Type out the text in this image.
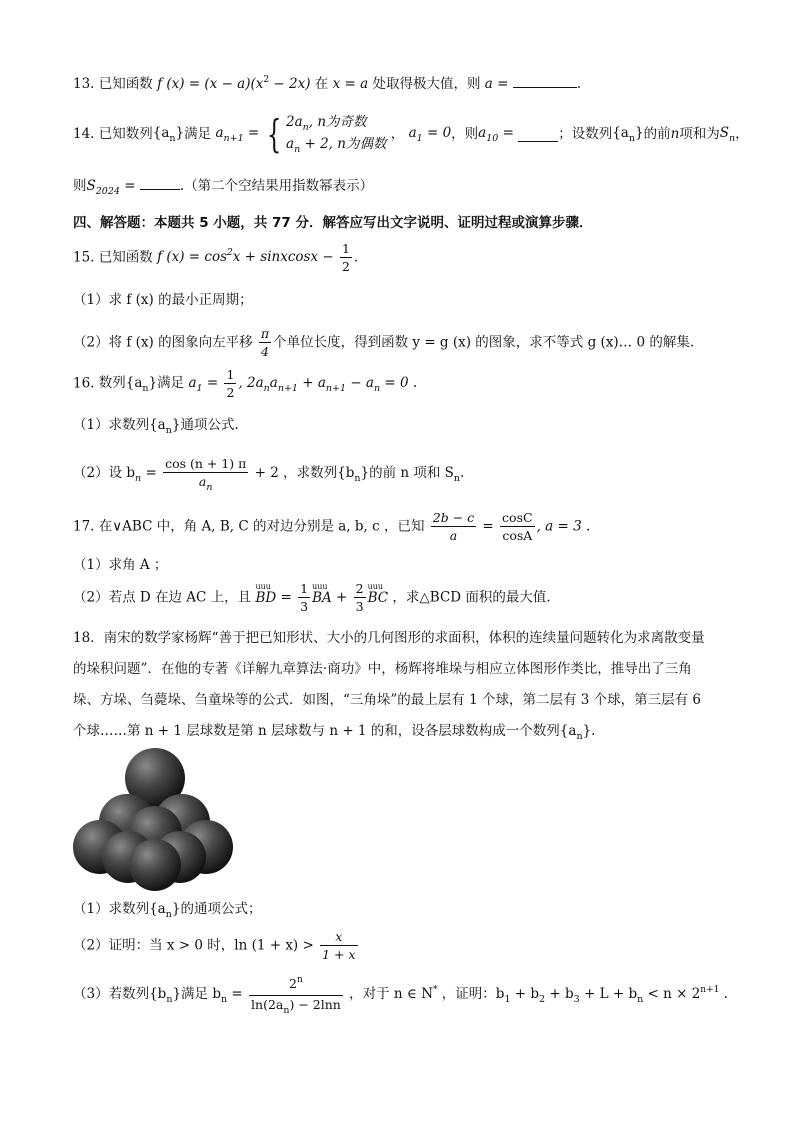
13. 已知函数 f $(x) = (x - a)(x^2 - 2x)$ 在 x = a 处取得极大值，则 a =	.
14. 已知数列$\{a_n\}$满足 $a_{n+1}$ = { $2a_n$, n为奇数
$a_n + 2$, n为偶数
， $a_1 = 0$，则$a_{10}$ =	；设数列$\{a_n\}$的前n项和为$S_n$，
则$S_{2024}$ =	.（第二个空结果用指数幂表示）
四、解答题：本题共 5 小题，共 77 分．解答应写出文字说明、证明过程或演算步骤．
15. 已知函数 f $(x) = \cos^2x$ + sinxcosx − $\frac{1}{2}$ .
（1）求 f (x) 的最小正周期；
（2）将 f (x) 的图象向左平移 $\frac{\pi}{4}$ 个单位长度，得到函数 y = g (x) 的图象，求不等式 g (x)… 0 的解集.
16. 数列$\{a_n\}$满足 $a_1 = \frac{1}{2}$ , $2a_na_{n+1} + a_{n+1} - a_n = 0$ .
（1）求数列$\{a_n\}$通项公式.
（2）设 $b_n = \frac{\cos (n + 1) \pi}{a_n} + 2$ ，求数列$\{b_n\}$的前 n 项和 $S_n$.
17. 在∨ABC 中，角 A, B, C 的对边分别是 a, b, c ，已知 $\frac{2b - c}{a} = \frac{\cos C}{\cos A}$ , a = 3 .
（1）求角 A ；
（2）若点 D 在边 AC 上，且
uuu
BD = $\frac{1}{3}$ uuu
BA + $\frac{2}{3}$ uuu
BC ，求△BCD 面积的最大值.
18．南宋的数学家杨辉“善于把已知形状、大小的几何图形的求面积，体积的连续量问题转化为求离散变量
的垛积问题”．在他的专著《详解九章算法·商功》中，杨辉将堆垛与相应立体图形作类比，推导出了三角
垛、方垛、刍薨垛、刍童垛等的公式．如图，“三角垛”的最上层有 1 个球，第二层有 3 个球，第三层有 6
个球……第 n + 1 层球数是第 n 层球数与 n + 1 的和，设各层球数构成一个数列$\{a_n\}$.
（1）求数列$\{a_n\}$的通项公式；
（2）证明：当 x > 0 时，$\ln (1 + x) > \frac{x}{1 + x}$
（3）若数列$\{b_n\}$满足 $b_n = \frac{2^n}{\ln(2a_n) - 2\ln n}$ ，对于 n ∈ N* ，证明：$b_1 + b_2 + b_3 + L + b_n < n \times 2^{n+1}$ .
